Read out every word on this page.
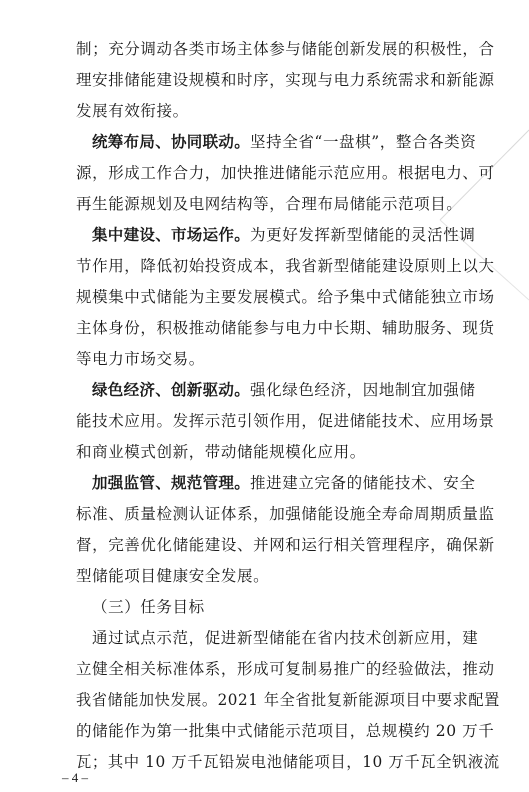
制；充分调动各类市场主体参与储能创新发展的积极性，合
理安排储能建设规模和时序，实现与电力系统需求和新能源
发展有效衔接。
统筹布局、协同联动。坚持全省“一盘棋”，整合各类资
源，形成工作合力，加快推进储能示范应用。根据电力、可
再生能源规划及电网结构等，合理布局储能示范项目。
集中建设、市场运作。为更好发挥新型储能的灵活性调
节作用，降低初始投资成本，我省新型储能建设原则上以大
规模集中式储能为主要发展模式。给予集中式储能独立市场
主体身份，积极推动储能参与电力中长期、辅助服务、现货
等电力市场交易。
绿色经济、创新驱动。强化绿色经济，因地制宜加强储
能技术应用。发挥示范引领作用，促进储能技术、应用场景
和商业模式创新，带动储能规模化应用。
加强监管、规范管理。推进建立完备的储能技术、安全
标准、质量检测认证体系，加强储能设施全寿命周期质量监
督，完善优化储能建设、并网和运行相关管理程序，确保新
型储能项目健康安全发展。
（三）任务目标
通过试点示范，促进新型储能在省内技术创新应用，建
立健全相关标准体系，形成可复制易推广的经验做法，推动
我省储能加快发展。2021 年全省批复新能源项目中要求配置
的储能作为第一批集中式储能示范项目，总规模约 20 万千
瓦；其中 10 万千瓦铅炭电池储能项目，10 万千瓦全钒液流
– 4 –
